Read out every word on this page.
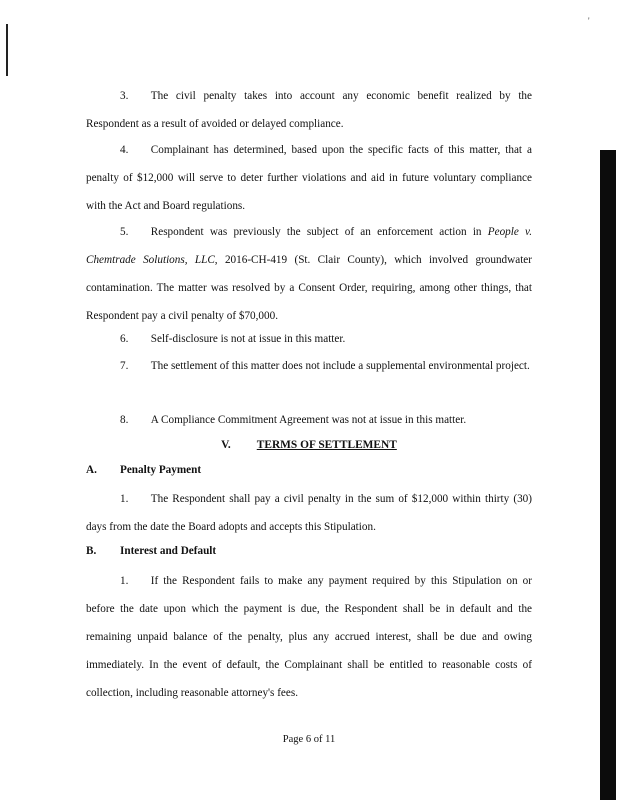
'

3.  The civil penalty takes into account any economic benefit realized by the Respondent as a result of avoided or delayed compliance.

4.  Complainant has determined, based upon the specific facts of this matter, that a penalty of $12,000 will serve to deter further violations and aid in future voluntary compliance with the Act and Board regulations.

5.  Respondent was previously the subject of an enforcement action in People v. Chemtrade Solutions, LLC, 2016-CH-419 (St. Clair County), which involved groundwater contamination. The matter was resolved by a Consent Order, requiring, among other things, that Respondent pay a civil penalty of $70,000.

6.  Self-disclosure is not at issue in this matter.

7.  The settlement of this matter does not include a supplemental environmental project.

8.  A Compliance Commitment Agreement was not at issue in this matter.

V. TERMS OF SETTLEMENT

A. Penalty Payment

1.  The Respondent shall pay a civil penalty in the sum of $12,000 within thirty (30) days from the date the Board adopts and accepts this Stipulation.

B. Interest and Default

1.  If the Respondent fails to make any payment required by this Stipulation on or before the date upon which the payment is due, the Respondent shall be in default and the remaining unpaid balance of the penalty, plus any accrued interest, shall be due and owing immediately. In the event of default, the Complainant shall be entitled to reasonable costs of collection, including reasonable attorney's fees.

Page 6 of 11
